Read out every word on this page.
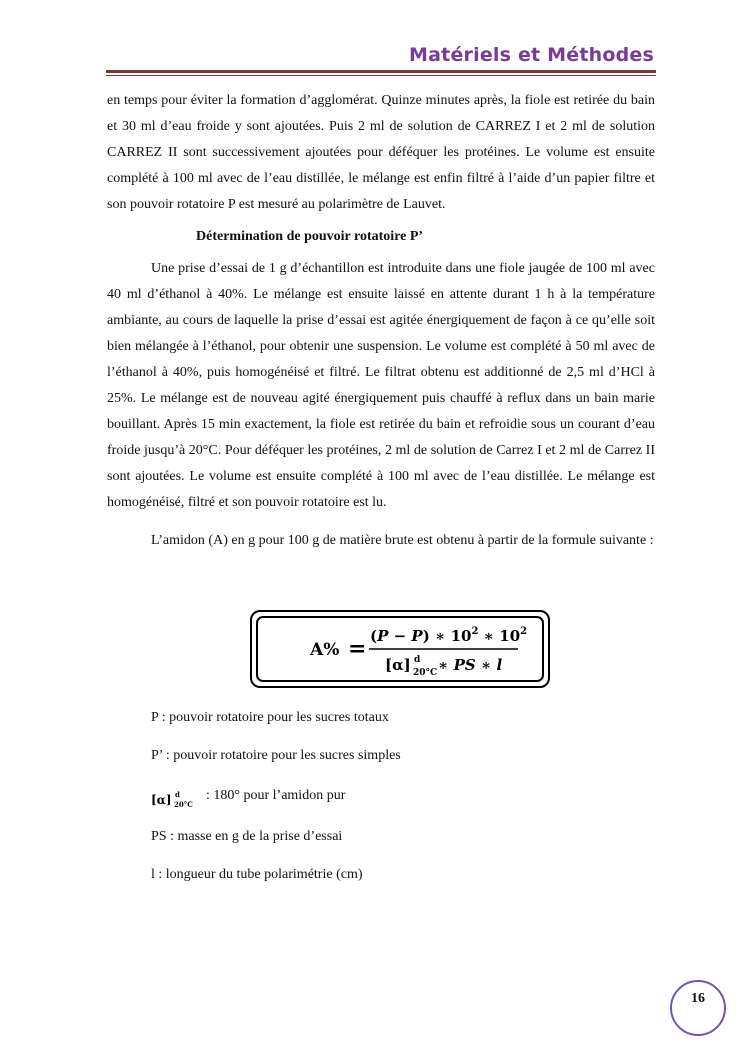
Matériels et Méthodes

en temps pour éviter la formation d’agglomérat. Quinze minutes après, la fiole est retirée du bain et 30 ml d’eau froide y sont ajoutées. Puis 2 ml de solution de CARREZ I et 2 ml de solution CARREZ II sont successivement ajoutées pour déféquer les protéines. Le volume est ensuite complété à 100 ml avec de l’eau distillée, le mélange est enfin filtré à l’aide d’un papier filtre et son pouvoir rotatoire P est mesuré au polarimètre de Lauvet.

Détermination de pouvoir rotatoire P’

Une prise d’essai de 1 g d’échantillon est introduite dans une fiole jaugée de 100 ml avec 40 ml d’éthanol à 40%. Le mélange est ensuite laissé en attente durant 1 h à la température ambiante, au cours de laquelle la prise d’essai est agitée énergiquement de façon à ce qu’elle soit bien mélangée à l’éthanol, pour obtenir une suspension. Le volume est complété à 50 ml avec de l’éthanol à 40%, puis homogénéisé et filtré. Le filtrat obtenu est additionné de 2,5 ml d’HCl à 25%. Le mélange est de nouveau agité énergiquement puis chauffé à reflux dans un bain marie bouillant. Après 15 min exactement, la fiole est retirée du bain et refroidie sous un courant d’eau froide jusqu’à 20°C. Pour déféquer les protéines, 2 ml de solution de Carrez I et 2 ml de Carrez II sont ajoutées. Le volume est ensuite complété à 100 ml avec de l’eau distillée. Le mélange est homogénéisé, filtré et son pouvoir rotatoire est lu.

L’amidon (A) en g pour 100 g de matière brute est obtenu à partir de la formule suivante :

A% = (P − P) ∗ $10^2$ ∗ $10^2$
[α] d
20°C ∗ PS ∗ l
P : pouvoir rotatoire pour les sucres totaux
P’ : pouvoir rotatoire pour les sucres simples
[α] d
20°C
: 180° pour l’amidon pur
PS : masse en g de la prise d’essai
l : longueur du tube polarimétrie (cm)
16
